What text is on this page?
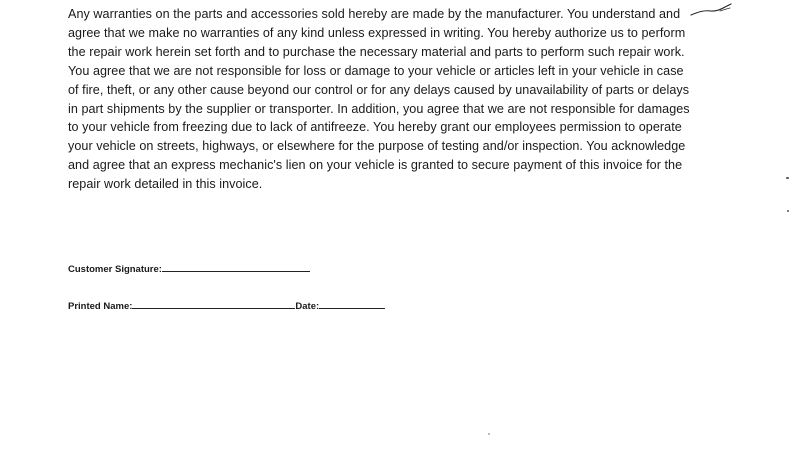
Any warranties on the parts and accessories sold hereby are made by the manufacturer. You understand and
agree that we make no warranties of any kind unless expressed in writing. You hereby authorize us to perform
the repair work herein set forth and to purchase the necessary material and parts to perform such repair work.
You agree that we are not responsible for loss or damage to your vehicle or articles left in your vehicle in case
of fire, theft, or any other cause beyond our control or for any delays caused by unavailability of parts or delays
in part shipments by the supplier or transporter. In addition, you agree that we are not responsible for damages
to your vehicle from freezing due to lack of antifreeze. You hereby grant our employees permission to operate
your vehicle on streets, highways, or elsewhere for the purpose of testing and/or inspection. You acknowledge
and agree that an express mechanic's lien on your vehicle is granted to secure payment of this invoice for the
repair work detailed in this invoice.
Customer Signature:
Printed Name:	Date:
